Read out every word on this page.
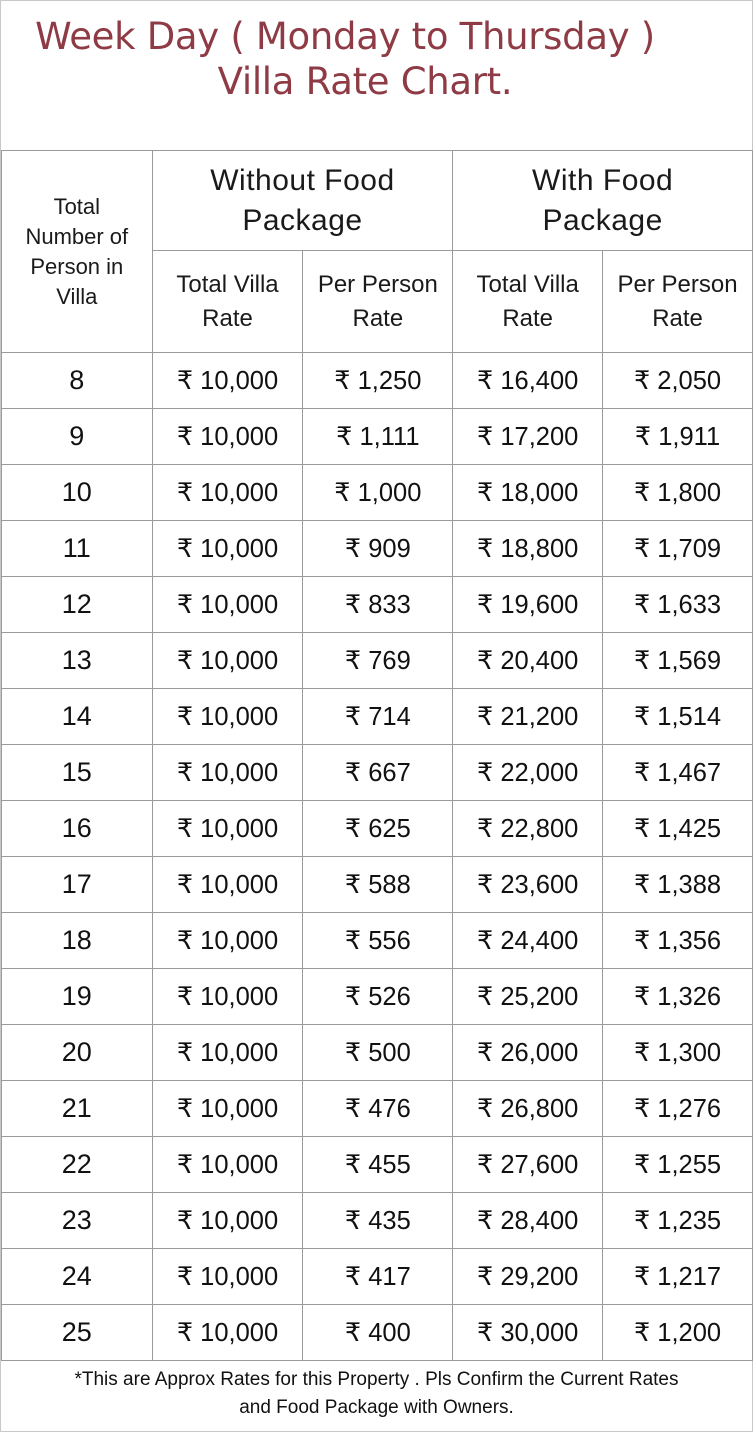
Week Day ( Monday to Thursday )
Villa Rate Chart.
Total Number of Person in Villa	Without Food Package		With Food Package	

	Total Villa Rate	Per Person Rate	Total Villa Rate	Per Person Rate

8	₹ 10,000	₹ 1,250	₹ 16,400	₹ 2,050
9	₹ 10,000	₹ 1,111	₹ 17,200	₹ 1,911
10	₹ 10,000	₹ 1,000	₹ 18,000	₹ 1,800
11	₹ 10,000	₹ 909	₹ 18,800	₹ 1,709
12	₹ 10,000	₹ 833	₹ 19,600	₹ 1,633
13	₹ 10,000	₹ 769	₹ 20,400	₹ 1,569
14	₹ 10,000	₹ 714	₹ 21,200	₹ 1,514
15	₹ 10,000	₹ 667	₹ 22,000	₹ 1,467
16	₹ 10,000	₹ 625	₹ 22,800	₹ 1,425
17	₹ 10,000	₹ 588	₹ 23,600	₹ 1,388
18	₹ 10,000	₹ 556	₹ 24,400	₹ 1,356
19	₹ 10,000	₹ 526	₹ 25,200	₹ 1,326
20	₹ 10,000	₹ 500	₹ 26,000	₹ 1,300
21	₹ 10,000	₹ 476	₹ 26,800	₹ 1,276
22	₹ 10,000	₹ 455	₹ 27,600	₹ 1,255
23	₹ 10,000	₹ 435	₹ 28,400	₹ 1,235
24	₹ 10,000	₹ 417	₹ 29,200	₹ 1,217
25	₹ 10,000	₹ 400	₹ 30,000	₹ 1,200
*This are Approx Rates for this Property . Pls Confirm the Current Rates
and Food Package with Owners.
